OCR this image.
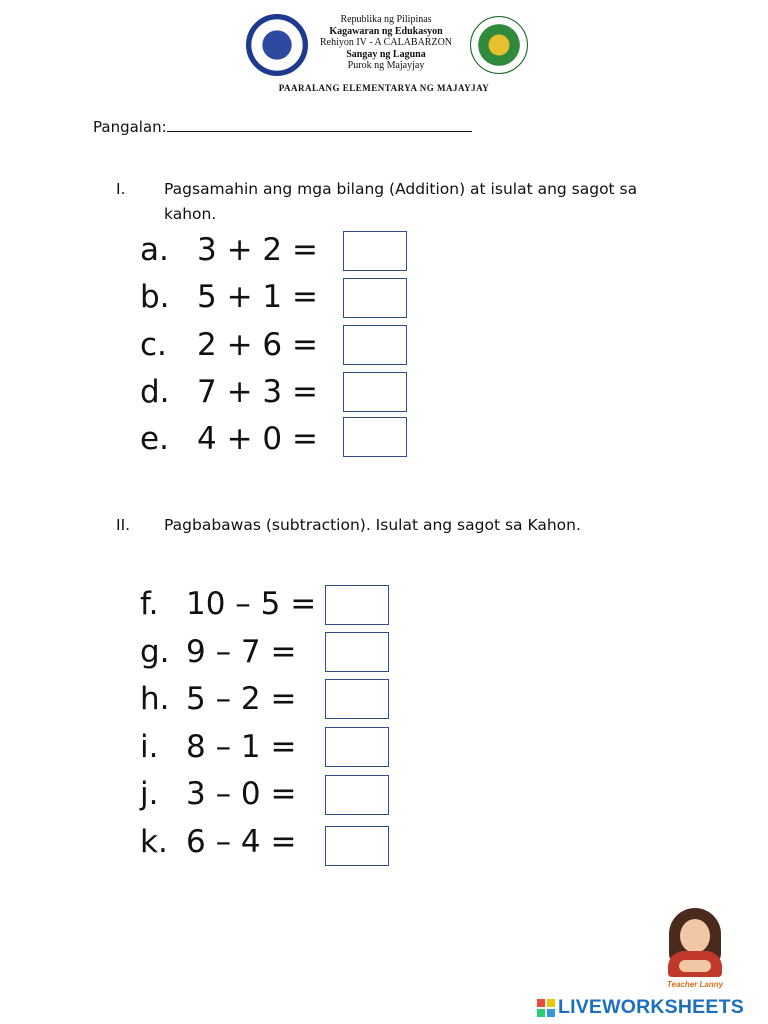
Republika ng Pilipinas
Kagawaran ng Edukasyon
Rehiyon IV - A CALABARZON
Sangay ng Laguna
Purok ng Majayjay
PAARALANG ELEMENTARYA NG MAJAYJAY
Pangalan:
I. Pagsamahin ang mga bilang (Addition) at isulat ang sagot sa kahon.
a. 3 + 2 =
b. 5 + 1 =
c. 2 + 6 =
d. 7 + 3 =
e. 4 + 0 =
II. Pagbabawas (subtraction). Isulat ang sagot sa Kahon.
f. 10 – 5 =
g. 9 – 7 =
h. 5 – 2 =
i. 8 – 1 =
j. 3 – 0 =
k. 6 – 4 =
Teacher Lanny
LIVEWORKSHEETS
